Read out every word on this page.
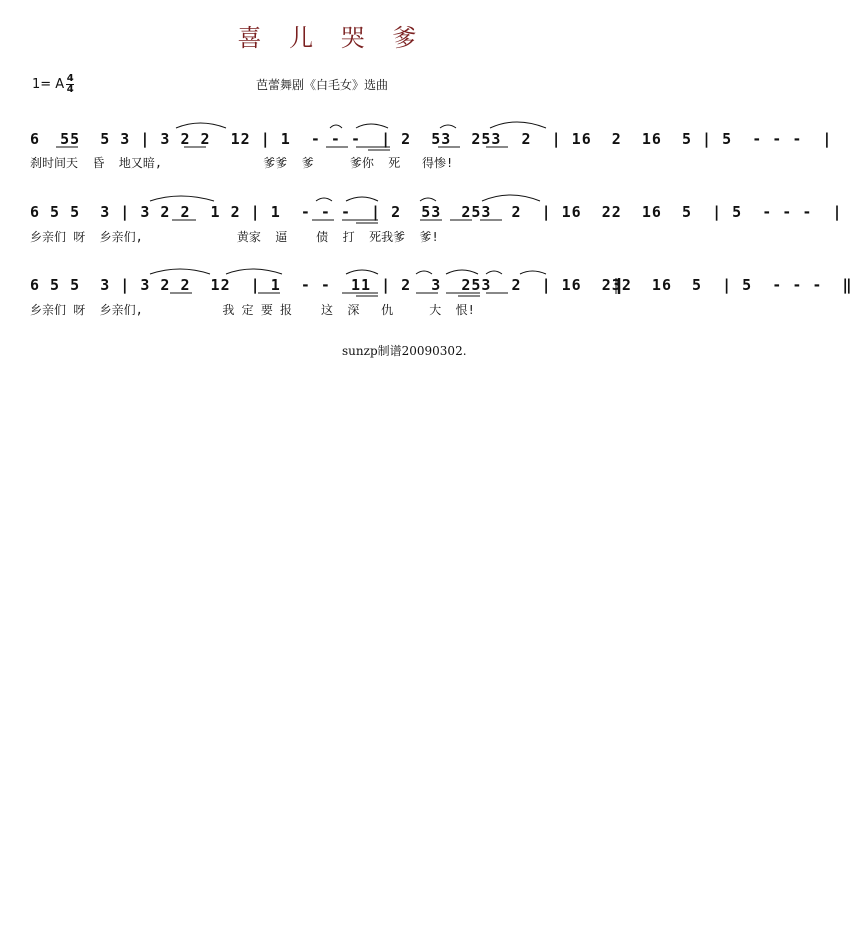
喜 儿 哭 爹
1= A $\frac{4}{4}$	芭蕾舞剧《白毛女》选曲
6  55  5 3 | 3 2 2  12 | 1  - - -  | 2  53  253  2  | 16  2  16  5 | 5  - - -  |
刹时间天  昏  地又暗,              爹爹  爹     爹你  死   得惨!
6 5 5  3 | 3 2 2  1 2 | 1  - - -  | 2  53  253  2  | 16  22  16  5  | 5  - - -  |
乡亲们 呀  乡亲们,             黄家  逼    债  打  死我爹  爹!
6 5 5  3 | 3 2 2  12  | 1  - -  11 | 2  3  253  2  | 16  232  16  5  | 5  - - -  ‖
乡亲们 呀  乡亲们,           我 定 要 报    这  深   仇     大  恨!
sunzp制谱20090302.
